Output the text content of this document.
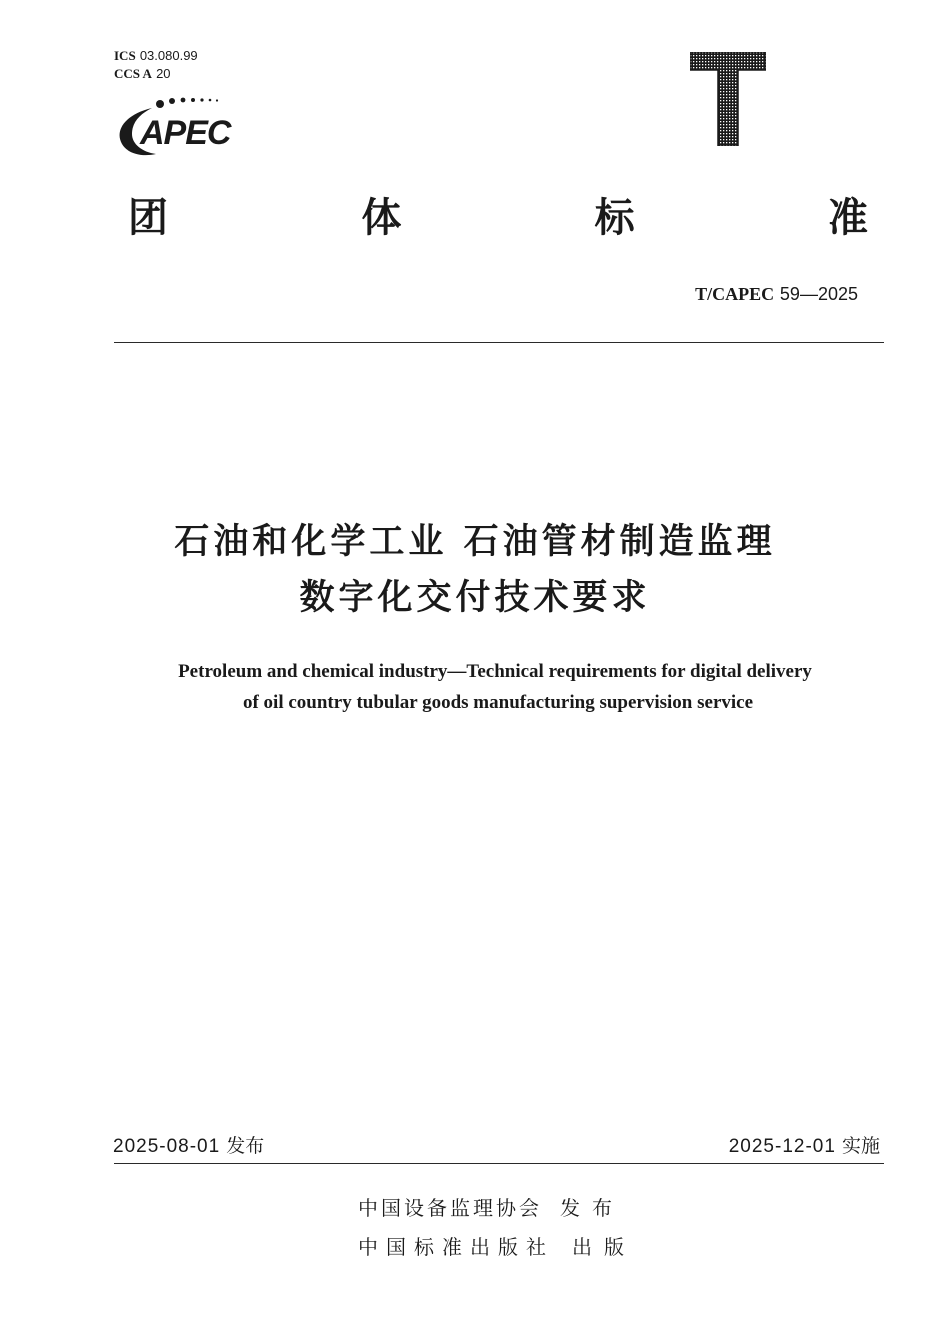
ICS 03.080.99
CCS A 20
APEC
团	体	标	准
T/CAPEC 59—2025
石油和化学工业 石油管材制造监理
数字化交付技术要求
Petroleum and chemical industry—Technical requirements for digital delivery
of oil country tubular goods manufacturing supervision service
2025-08-01 发布	2025-12-01 实施
中国设备监理协会 发布
中国标准出版社 出版
